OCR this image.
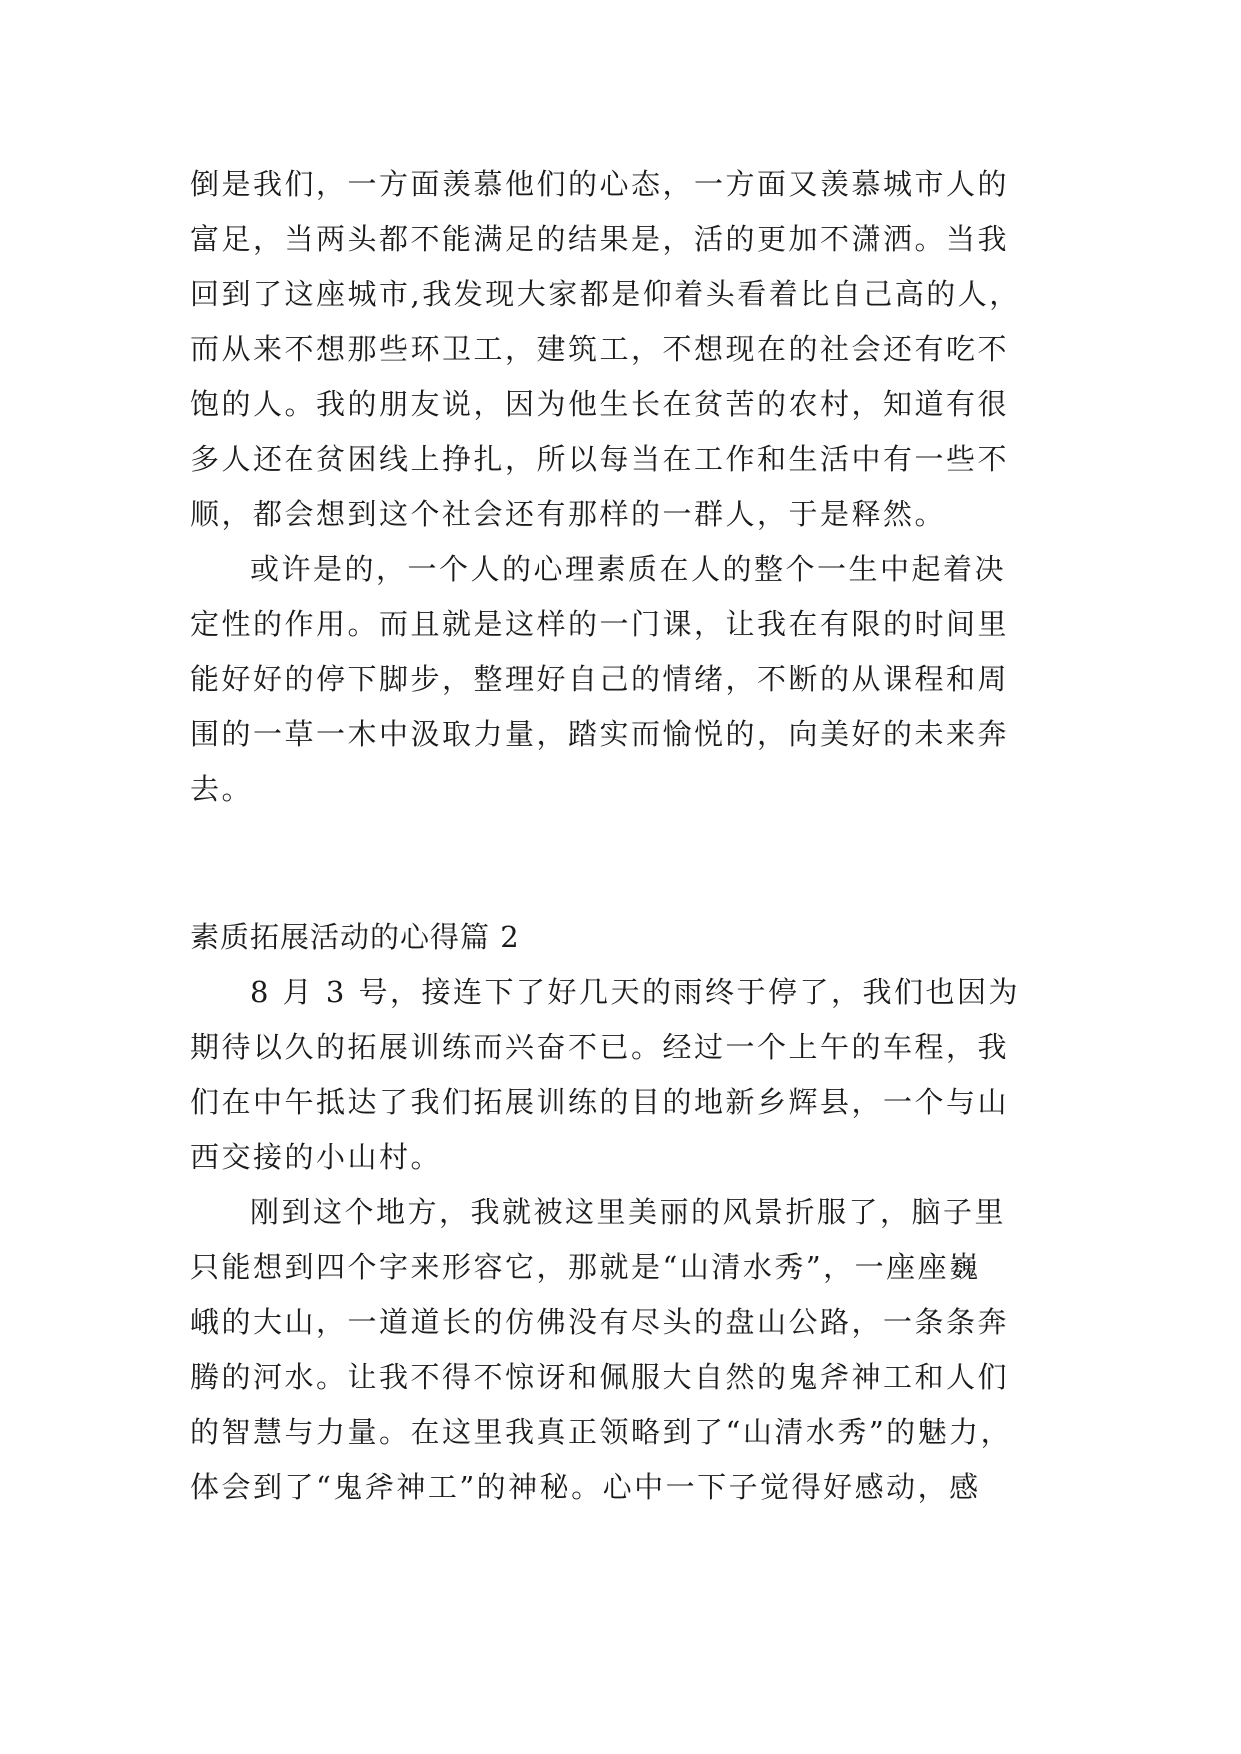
倒是我们，一方面羡慕他们的心态，一方面又羡慕城市人的
富足，当两头都不能满足的结果是，活的更加不潇洒。当我
回到了这座城市,我发现大家都是仰着头看着比自己高的人，
而从来不想那些环卫工，建筑工，不想现在的社会还有吃不
饱的人。我的朋友说，因为他生长在贫苦的农村，知道有很
多人还在贫困线上挣扎，所以每当在工作和生活中有一些不
顺，都会想到这个社会还有那样的一群人，于是释然。
或许是的，一个人的心理素质在人的整个一生中起着决
定性的作用。而且就是这样的一门课，让我在有限的时间里
能好好的停下脚步，整理好自己的情绪，不断的从课程和周
围的一草一木中汲取力量，踏实而愉悦的，向美好的未来奔
去。
素质拓展活动的心得篇 2
8 月 3 号，接连下了好几天的雨终于停了，我们也因为
期待以久的拓展训练而兴奋不已。经过一个上午的车程，我
们在中午抵达了我们拓展训练的目的地新乡辉县，一个与山
西交接的小山村。
刚到这个地方，我就被这里美丽的风景折服了，脑子里
只能想到四个字来形容它，那就是“山清水秀”，一座座巍
峨的大山，一道道长的仿佛没有尽头的盘山公路，一条条奔
腾的河水。让我不得不惊讶和佩服大自然的鬼斧神工和人们
的智慧与力量。在这里我真正领略到了“山清水秀”的魅力，
体会到了“鬼斧神工”的神秘。心中一下子觉得好感动，感
